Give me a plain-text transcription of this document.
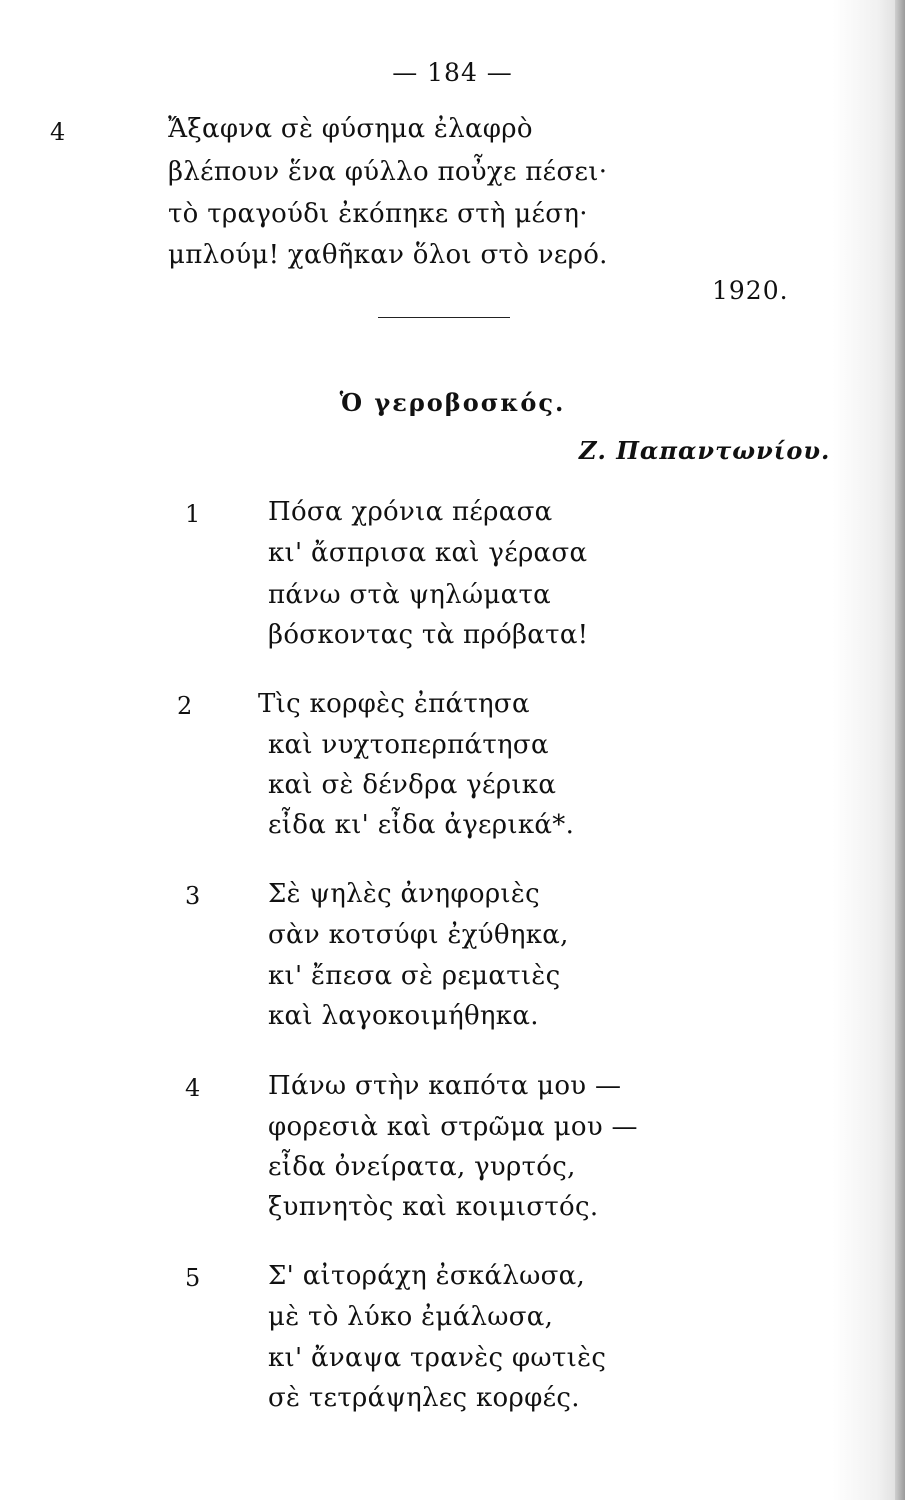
— 184 —
4	Ἄξαφνα σὲ φύσημα ἐλαφρὸ
βλέπουν ἕνα φύλλο ποὖχε πέσει·
τὸ τραγούδι ἐκόπηκε στὴ μέση·
μπλούμ! χαθῆκαν ὅλοι στὸ νερό.
1920.
Ὁ γεροβοσκός.
Ζ. Παπαντωνίου.
1	Πόσα χρόνια πέρασα
κι' ἄσπρισα καὶ γέρασα
πάνω στὰ ψηλώματα
βόσκοντας τὰ πρόβατα!
2	Τὶς κορφὲς ἐπάτησα
καὶ νυχτοπερπάτησα
καὶ σὲ δένδρα γέρικα
εἶδα κι' εἶδα ἀγερικά*.
3	Σὲ ψηλὲς ἀνηφοριὲς
σὰν κοτσύφι ἐχύθηκα,
κι' ἔπεσα σὲ ρεματιὲς
καὶ λαγοκοιμήθηκα.
4	Πάνω στὴν καπότα μου —
φορεσιὰ καὶ στρῶμα μου —
εἶδα ὀνείρατα, γυρτός,
ξυπνητὸς καὶ κοιμιστός.
5	Σ' αἰτοράχη ἐσκάλωσα,
μὲ τὸ λύκο ἐμάλωσα,
κι' ἄναψα τρανὲς φωτιὲς
σὲ τετράψηλες κορφές.
